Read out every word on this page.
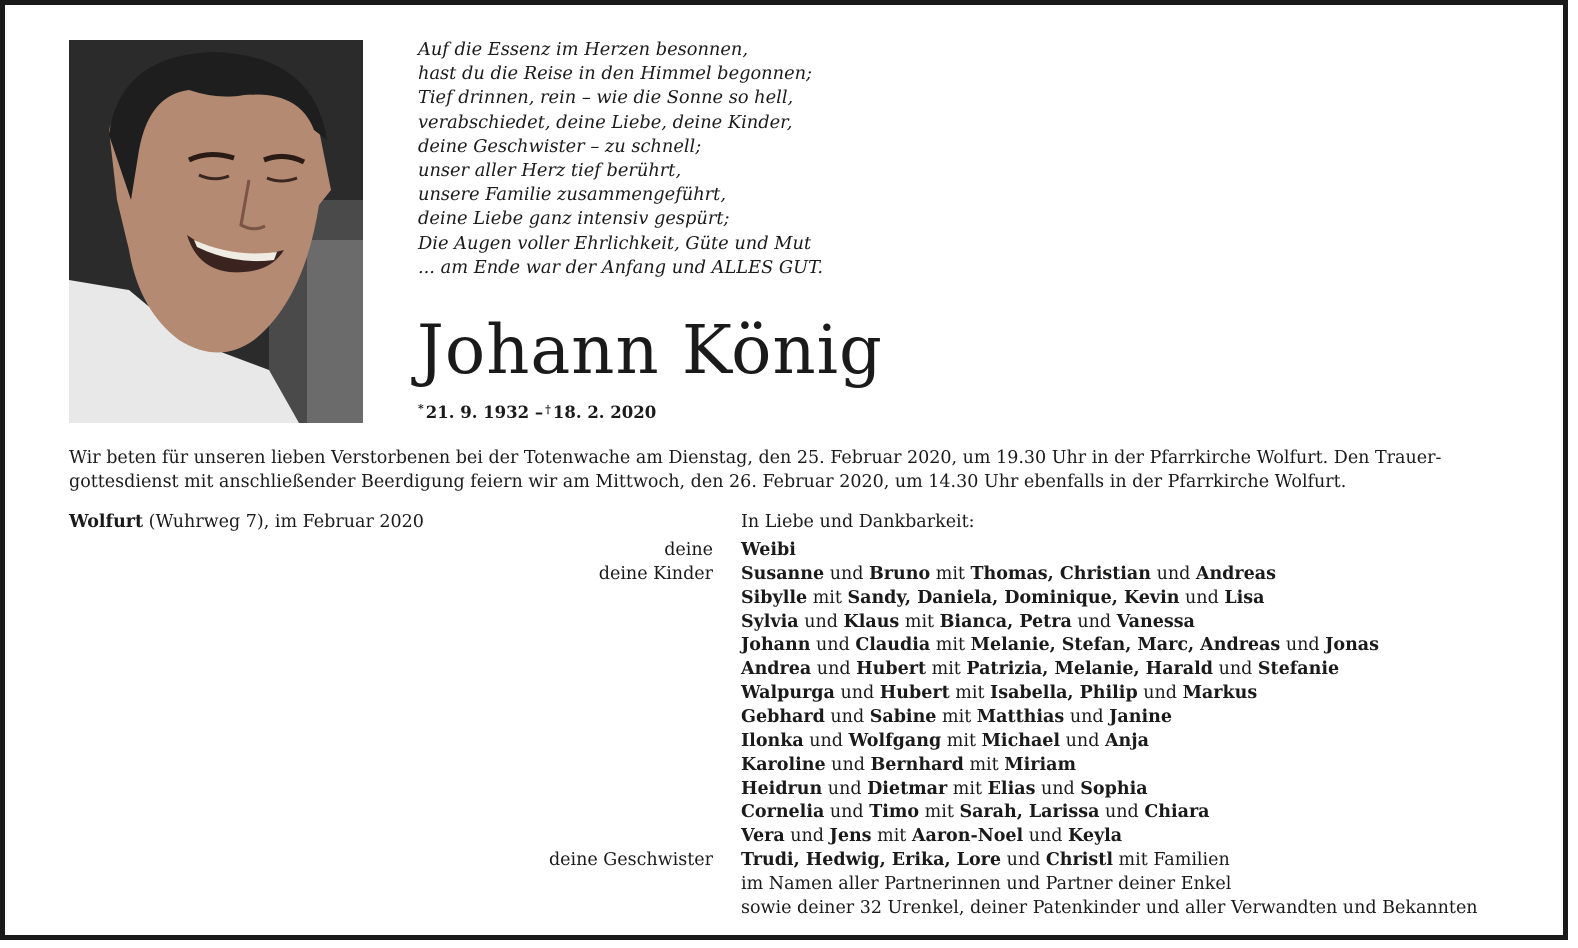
Auf die Essenz im Herzen besonnen,
hast du die Reise in den Himmel begonnen;
Tief drinnen, rein – wie die Sonne so hell,
verabschiedet, deine Liebe, deine Kinder,
deine Geschwister – zu schnell;
unser aller Herz tief berührt,
unsere Familie zusammengeführt,
deine Liebe ganz intensiv gespürt;
Die Augen voller Ehrlichkeit, Güte und Mut
... am Ende war der Anfang und ALLES GUT.
Johann König
* 21. 9. 1932 – † 18. 2. 2020
Wir beten für unseren lieben Verstorbenen bei der Totenwache am Dienstag, den 25. Februar 2020, um 19.30 Uhr in der Pfarrkirche Wolfurt. Den Trauer-
gottesdienst mit anschließender Beerdigung feiern wir am Mittwoch, den 26. Februar 2020, um 14.30 Uhr ebenfalls in der Pfarrkirche Wolfurt.
Wolfurt (Wuhrweg 7), im Februar 2020	In Liebe und Dankbarkeit:
deine
deine Kinder
deine Geschwister
Weibi
Susanne und Bruno mit Thomas, Christian und Andreas
Sibylle mit Sandy, Daniela, Dominique, Kevin und Lisa
Sylvia und Klaus mit Bianca, Petra und Vanessa
Johann und Claudia mit Melanie, Stefan, Marc, Andreas und Jonas
Andrea und Hubert mit Patrizia, Melanie, Harald und Stefanie
Walpurga und Hubert mit Isabella, Philip und Markus
Gebhard und Sabine mit Matthias und Janine
Ilonka und Wolfgang mit Michael und Anja
Karoline und Bernhard mit Miriam
Heidrun und Dietmar mit Elias und Sophia
Cornelia und Timo mit Sarah, Larissa und Chiara
Vera und Jens mit Aaron-Noel und Keyla
Trudi, Hedwig, Erika, Lore und Christl mit Familien
im Namen aller Partnerinnen und Partner deiner Enkel
sowie deiner 32 Urenkel, deiner Patenkinder und aller Verwandten und Bekannten
